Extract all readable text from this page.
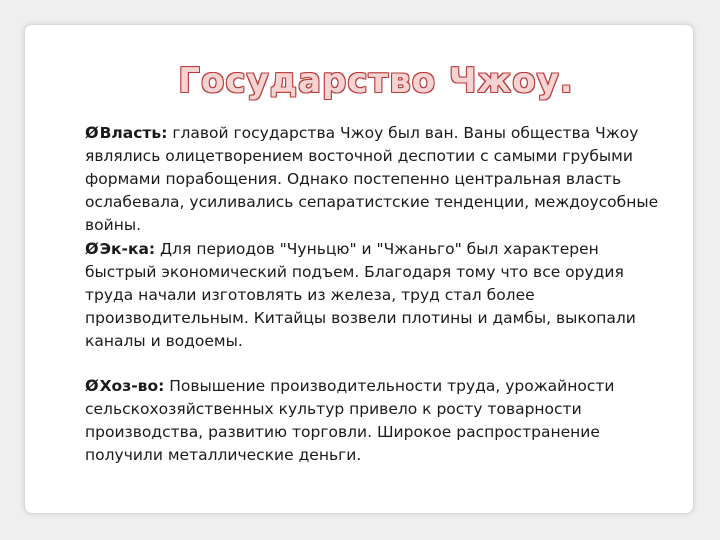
Государство Чжоу.

ØВласть: главой государства Чжоу был ван. Ваны общества Чжоу являлись олицетворением восточной деспотии с самыми грубыми формами порабощения. Однако постепенно центральная власть ослабевала, усиливались сепаратистские тенденции, междоусобные войны.

ØЭк-ка: Для периодов "Чуньцю" и "Чжаньго" был характерен быстрый экономический подъем. Благодаря тому что все орудия труда начали изготовлять из железа, труд стал более производительным. Китайцы возвели плотины и дамбы, выкопали каналы и водоемы.

ØХоз-во: Повышение производительности труда, урожайности сельскохозяйственных культур привело к росту товарности производства, развитию торговли. Широкое распространение получили металлические деньги.
